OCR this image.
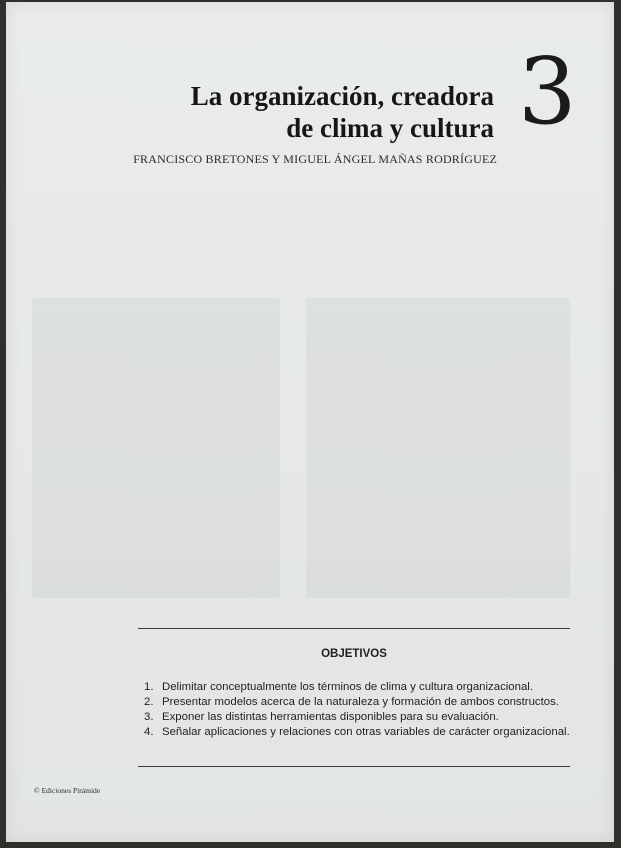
La organización, creadora
de clima y cultura 3
FRANCISCO BRETONES Y MIGUEL ÁNGEL MAÑAS RODRÍGUEZ
OBJETIVOS
1. Delimitar conceptualmente los términos de clima y cultura organizacional.
2. Presentar modelos acerca de la naturaleza y formación de ambos constructos.
3. Exponer las distintas herramientas disponibles para su evaluación.
4. Señalar aplicaciones y relaciones con otras variables de carácter organizacional.
© Ediciones Pirámide
